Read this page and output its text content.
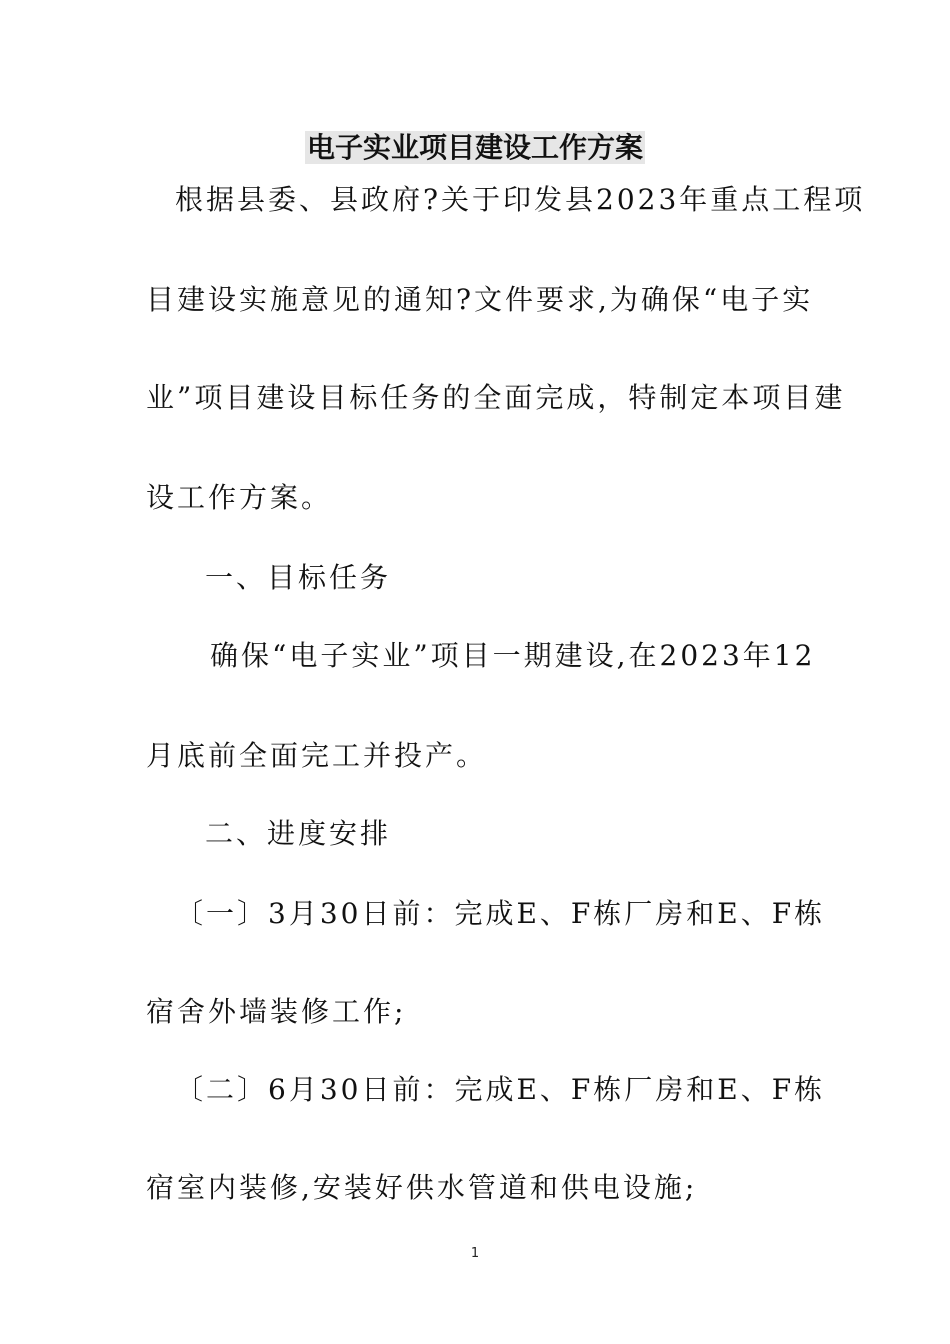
电子实业项目建设工作方案
根据县委、县政府?关于印发县2023年重点工程项
目建设实施意见的通知?文件要求,为确保“电子实
业”项目建设目标任务的全面完成，特制定本项目建
设工作方案。
一、目标任务
确保“电子实业”项目一期建设,在2023年12
月底前全面完工并投产。
二、进度安排
〔一〕3月30日前：完成E、F栋厂房和E、F栋
宿舍外墙装修工作;
〔二〕6月30日前：完成E、F栋厂房和E、F栋
宿室内装修,安装好供水管道和供电设施;
1
